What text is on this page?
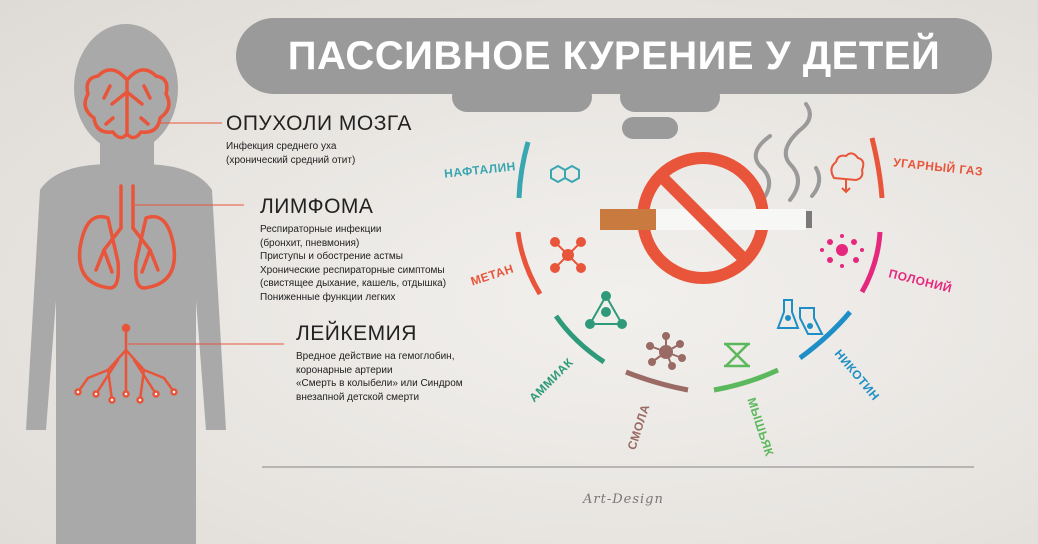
ПАССИВНОЕ КУРЕНИЕ У ДЕТЕЙ
ОПУХОЛИ МОЗГА
Инфекция среднего уха
(хронический средний отит)
ЛИМФОМА
Респираторные инфекции
(бронхит, пневмония)
Приступы и обострение астмы
Хронические респираторные симптомы
(свистящее дыхание, кашель, отдышка)
Пониженные функции легких
ЛЕЙКЕМИЯ
Вредное действие на гемоглобин,
коронарные артерии
«Смерть в колыбели» или Синдром
внезапной детской смерти
НАФТАЛИН
МЕТАН
АММИАК
СМОЛА	МЫШЬЯК
НИКОТИН
ПОЛОНИЙ
УГАРНЫЙ ГАЗ
Art-Design
